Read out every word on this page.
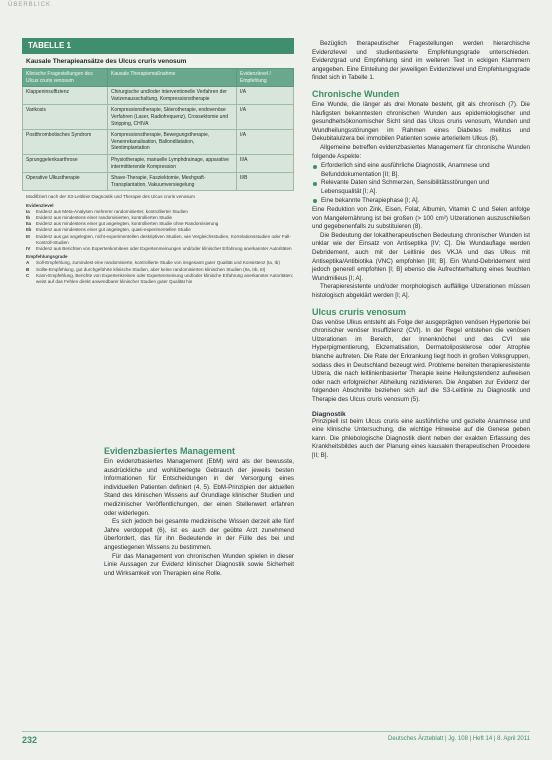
ÜBERBLICK
TABELLE 1
Kausale Therapieansätze des Ulcus cruris venosum
Klinische Fragestellungen des Ulcus cruris venosum	Kausale Therapiemaßnahme	Evidenzlevel / Empfehlung
Klappeninsuffizienz	Chirurgische und/oder interventionelle Verfahren der Varizenausschaltung, Kompressionstherapie	I/A
Varikosis	Kompressionstherapie, Sklerotherapie, endovenöse Verfahren (Laser, Radiofrequenz), Crossektomie und Stripping, CHIVA	I/A
Postthrombotisches Syndrom	Kompressionstherapie, Bewegungstherapie, Venenrekanalisation, Ballondilatation, Stentimplantation	I/A
Sprunggelenksarthrose	Physiotherapie, manuelle Lymphdrainage, apparative intermittierende Kompression	II/A
Operative Ulkustherapie	Shave-Therapie, Fasziektomie, Meshgraft-Transplantation, Vakuumversiegelung	II/B
Modifiziert nach der S3-Leitlinie Diagnostik und Therapie des Ulcus cruris venosum
Evidenzlevel
Ia	Evidenz aus Meta-Analysen mehrerer randomisierter, kontrollierter Studien
Ib	Evidenz aus mindestens einer randomisierten, kontrollierten Studie
IIa	Evidenz aus mindestens einer gut angelegten, kontrollierten Studie ohne Randomisierung
IIb	Evidenz aus mindestens einer gut angelegten, quasi-experimentellen Studie
III	Evidenz aus gut angelegten, nicht-experimentellen deskriptiven Studien, wie Vergleichsstudien, Korrelationsstudien oder Fall-Kontroll-Studien
IV	Evidenz aus Berichten von Expertenkomitees oder Expertenmeinungen und/oder klinischer Erfahrung anerkannter Autoritäten
Empfehlungsgrade
A	Soll-Empfehlung, zumindest eine randomisierte, kontrollierte Studie von insgesamt guter Qualität und Konsistenz (Ia, Ib)
B	Sollte-Empfehlung, gut durchgeführte klinische Studien, aber keine randomisierten klinischen Studien (IIa, IIb, III)
C	Kann-Empfehlung, Berichte von Expertenkreisen oder Expertenmeinung und/oder klinische Erfahrung anerkannter Autoritäten; weist auf das Fehlen direkt anwendbarer klinischer Studien guter Qualität hin
Evidenzbasiertes Management

Ein evidenzbasiertes Management (EbM) wird als der bewusste, ausdrückliche und wohlüberlegte Gebrauch der jeweils besten Informationen für Entscheidungen in der Versorgung eines individuellen Patienten definiert (4, 5). EbM-Prinzipien der aktuellen Stand des klinischen Wissens auf Grundlage klinischer Studien und medizinischer Veröffentlichungen, der einen Stellenwert erfahren oder widerlegen.

Es sich jedoch bei gesamte medizinische Wissen derzeit alle fünf Jahre verdoppelt (6), ist es auch der geübte Arzt zunehmend überfordert, das für ihn Bedeutende in der Fülle des bei und angestiegenen Wissens zu bestimmen.

Für das Management von chronischen Wunden spielen in dieser Linie Aussagen zur Evidenz klinischer Diagnostik sowie Sicherheit und Wirksamkeit von Therapien eine Rolle.

Bezüglich therapeutischer Fragestellungen werden hierarchische Evidenzlevel und studienbasierte Empfehlungsgrade unterschieden. Evidenzgrad und Empfehlung sind im weiteren Text in eckigen Klammern angegeben. Eine Einteilung der jeweiligen Evidenzlevel und Empfehlungsgrade findet sich in Tabelle 1.

Chronische Wunden

Eine Wunde, die länger als drei Monate besteht, gilt als chronisch (7). Die häufigsten bekanntesten chronischen Wunden aus epidemiologischer und gesundheitsökonomischer Sicht sind das Ulcus cruris venosum, Wunden und Wundheilungsstörungen im Rahmen eines Diabetes mellitus und Dekubitalulzera bei immobilen Patienten sowie arteriellem Ulkus (8).

Allgemeine betreffen evidenzbasiertes Management für chronische Wunden folgende Aspekte:

Erforderlich sind eine ausführliche Diagnostik, Anamnese und Befunddokumentation [II; B].
Relevante Daten sind Schmerzen, Sensibilitätsstörungen und Lebensqualität [I; A].
Eine bekannte Therapiephase [I; A].

Eine Reduktion von Zink, Eisen, Folat, Albumin, Vitamin C und Selen anfolge von Mangelernährung ist bei großen (> 100 cm²) Ulzerationen auszuschließen und gegebenenfalls zu substituieren (8).

Die Bedeutung der lokaltherapeutischen Bedeutung chronischer Wunden ist unklar wie der Einsatz von Antiseptika [IV; C]. Die Wundauflage werden Debridement, auch mit der Leitlinie des VKJA und das Ulkus mit Antiseptika/Antibiotika (VNC) empfohlen [III; B]. Ein Wund-Debridement wird jedoch generell empfohlen [I; B] ebenso die Aufrechterhaltung eines feuchten Wundmilieus [I; A].

Therapieresistente und/oder morphologisch auffällige Ulzerationen müssen histologisch abgeklärt werden [I; A].

Ulcus cruris venosum

Das venöse Ulkus entsteht als Folge der ausgeprägten venösen Hypertonie bei chronischer venöser Insuffizienz (CVI). In der Regel entstehen die venösen Ulzerationen im Bereich, der Innenknöchel und des CVI wie Hyperpigmentierung, Ekzematisation, Dermatoliposklerose oder Atrophie blanche auftreten. Die Rate der Erkrankung liegt hoch in großen Volksgruppen, sodass dies in Deutschland bezeugt wird. Probleme bereiten therapieresistente Ulzera, die nach leitlinienbasierter Therapie keine Heilungstendenz aufweisen oder nach erfolgreicher Abheilung rezidivieren. Die Angaben zur Evidenz der folgenden Abschnitte beziehen sich auf die S3-Leitlinie zu Diagnostik und Therapie des Ulcus cruris venosum (5).

Diagnostik

Prinzipiell ist beim Ulcus cruris eine ausführliche und gezielte Anamnese und eine klinische Untersuchung, die wichtige Hinweise auf die Genese geben kann. Die phlebologische Diagnostik dient neben der exakten Erfassung des Krankheitsbildes auch der Planung eines kausalen therapeutischen Procedere [II; B].

232	Deutsches Ärzteblatt | Jg. 108 | Heft 14 | 8. April 2011
